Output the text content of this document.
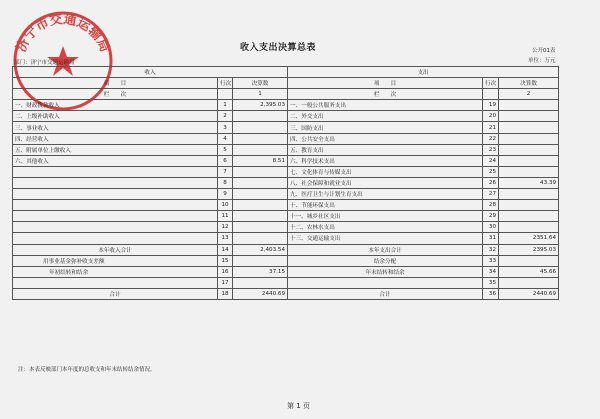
济宁市交通运输局	收入支出决算总表	公开01表
单位：万元
部门：济宁市交通运输局
收入			支出		
项　　目	行次	决算数	项　　目	行次	决算数
栏　　次		1	栏　　次		2
一、财政拨款收入	1	2,395.03	一、一般公共服务支出	19	
二、上级补助收入	2		二、外交支出	20	
三、事业收入	3		三、国防支出	21	
四、经营收入	4		四、公共安全支出	22	
五、附属单位上缴收入	5		五、教育支出	23	
六、其他收入	6	8.51	六、科学技术支出	24	
	7		七、文化体育与传媒支出	25	
	8		八、社会保障和就业支出	26	43.39
	9		九、医疗卫生与计划生育支出	27	
	10		十、节能环保支出	28	
	11		十一、城乡社区支出	29	
	12		十二、农林水支出	30	
	13		十三、交通运输支出	31	2351.64
本年收入合计	14	2,403.54	本年支出合计	32	2395.03
用事业基金弥补收支差额	15		结余分配	33	
年初结转和结余	16	37.15	年末结转和结余	34	45.66
	17			35	
合计	18	2440.69	合计	36	2440.69
注：本表反映部门本年度的总收支和年末结转结余情况。
第 1 页
